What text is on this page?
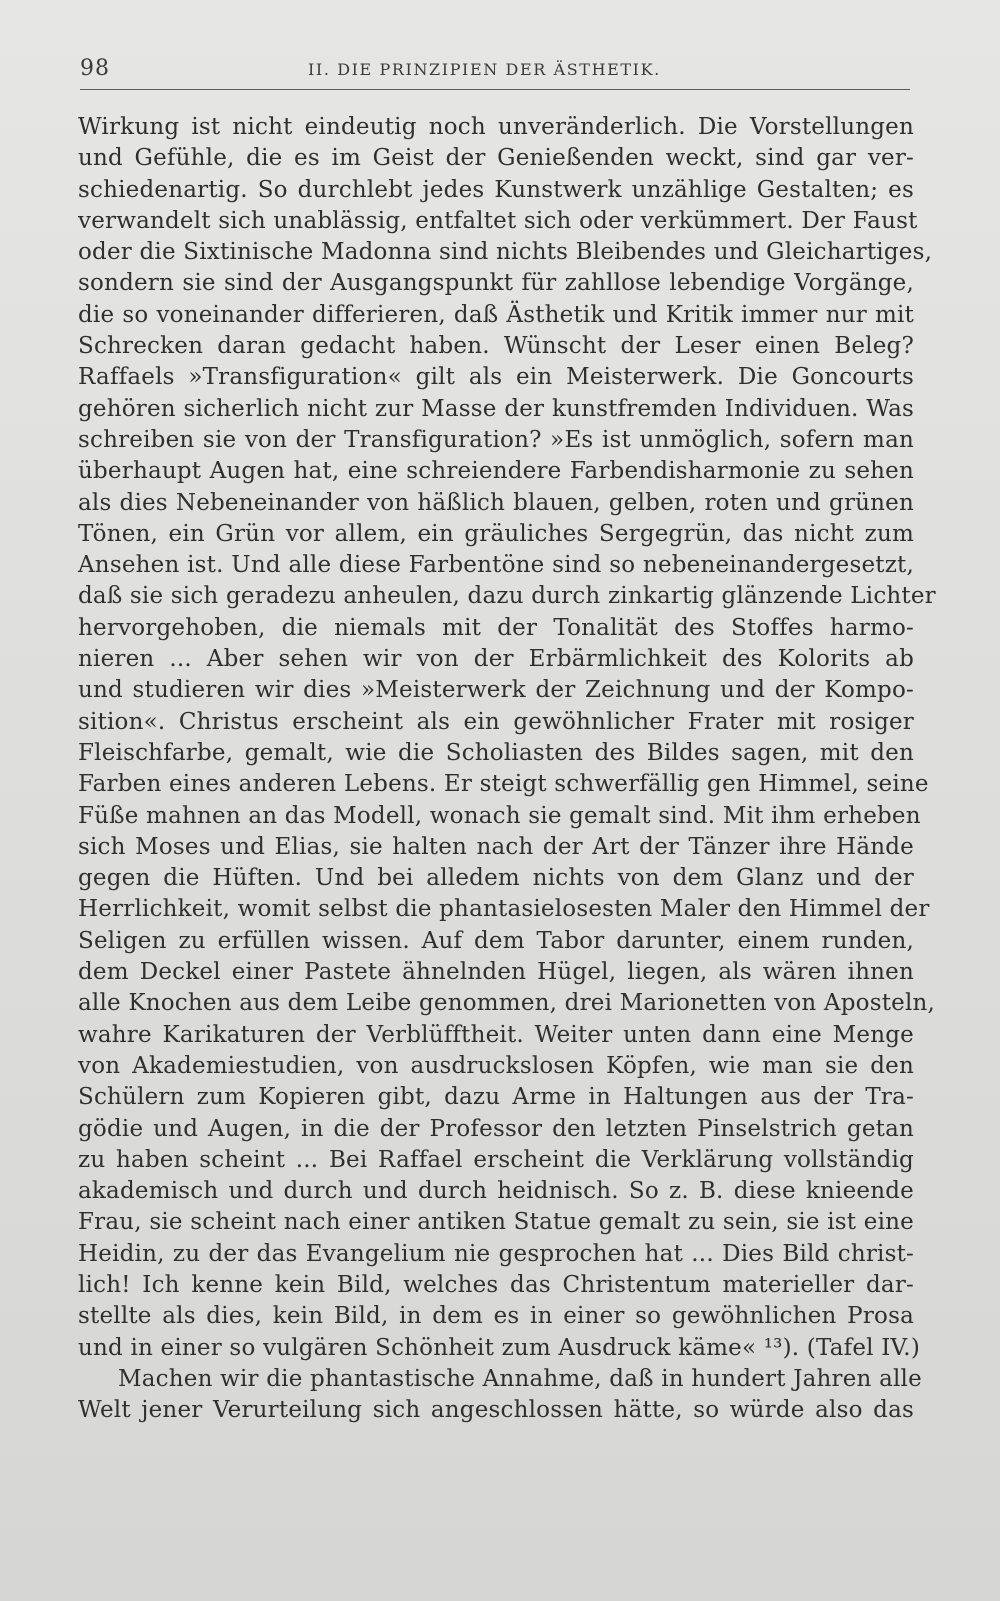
98	II. DIE PRINZIPIEN DER ÄSTHETIK.
Wirkung ist nicht eindeutig noch unveränderlich. Die Vorstellungen
und Gefühle, die es im Geist der Genießenden weckt, sind gar ver-
schiedenartig. So durchlebt jedes Kunstwerk unzählige Gestalten; es
verwandelt sich unablässig, entfaltet sich oder verkümmert. Der Faust
oder die Sixtinische Madonna sind nichts Bleibendes und Gleichartiges,
sondern sie sind der Ausgangspunkt für zahllose lebendige Vorgänge,
die so voneinander differieren, daß Ästhetik und Kritik immer nur mit
Schrecken daran gedacht haben. Wünscht der Leser einen Beleg?
Raffaels »Transfiguration« gilt als ein Meisterwerk. Die Goncourts
gehören sicherlich nicht zur Masse der kunstfremden Individuen. Was
schreiben sie von der Transfiguration? »Es ist unmöglich, sofern man
überhaupt Augen hat, eine schreiendere Farbendisharmonie zu sehen
als dies Nebeneinander von häßlich blauen, gelben, roten und grünen
Tönen, ein Grün vor allem, ein gräuliches Sergegrün, das nicht zum
Ansehen ist. Und alle diese Farbentöne sind so nebeneinandergesetzt,
daß sie sich geradezu anheulen, dazu durch zinkartig glänzende Lichter
hervorgehoben, die niemals mit der Tonalität des Stoffes harmo-
nieren ... Aber sehen wir von der Erbärmlichkeit des Kolorits ab
und studieren wir dies »Meisterwerk der Zeichnung und der Kompo-
sition«. Christus erscheint als ein gewöhnlicher Frater mit rosiger
Fleischfarbe, gemalt, wie die Scholiasten des Bildes sagen, mit den
Farben eines anderen Lebens. Er steigt schwerfällig gen Himmel, seine
Füße mahnen an das Modell, wonach sie gemalt sind. Mit ihm erheben
sich Moses und Elias, sie halten nach der Art der Tänzer ihre Hände
gegen die Hüften. Und bei alledem nichts von dem Glanz und der
Herrlichkeit, womit selbst die phantasielosesten Maler den Himmel der
Seligen zu erfüllen wissen. Auf dem Tabor darunter, einem runden,
dem Deckel einer Pastete ähnelnden Hügel, liegen, als wären ihnen
alle Knochen aus dem Leibe genommen, drei Marionetten von Aposteln,
wahre Karikaturen der Verblüfftheit. Weiter unten dann eine Menge
von Akademiestudien, von ausdruckslosen Köpfen, wie man sie den
Schülern zum Kopieren gibt, dazu Arme in Haltungen aus der Tra-
gödie und Augen, in die der Professor den letzten Pinselstrich getan
zu haben scheint ... Bei Raffael erscheint die Verklärung vollständig
akademisch und durch und durch heidnisch. So z. B. diese knieende
Frau, sie scheint nach einer antiken Statue gemalt zu sein, sie ist eine
Heidin, zu der das Evangelium nie gesprochen hat ... Dies Bild christ-
lich! Ich kenne kein Bild, welches das Christentum materieller dar-
stellte als dies, kein Bild, in dem es in einer so gewöhnlichen Prosa
und in einer so vulgären Schönheit zum Ausdruck käme« ¹³). (Tafel IV.)
Machen wir die phantastische Annahme, daß in hundert Jahren alle
Welt jener Verurteilung sich angeschlossen hätte, so würde also das
